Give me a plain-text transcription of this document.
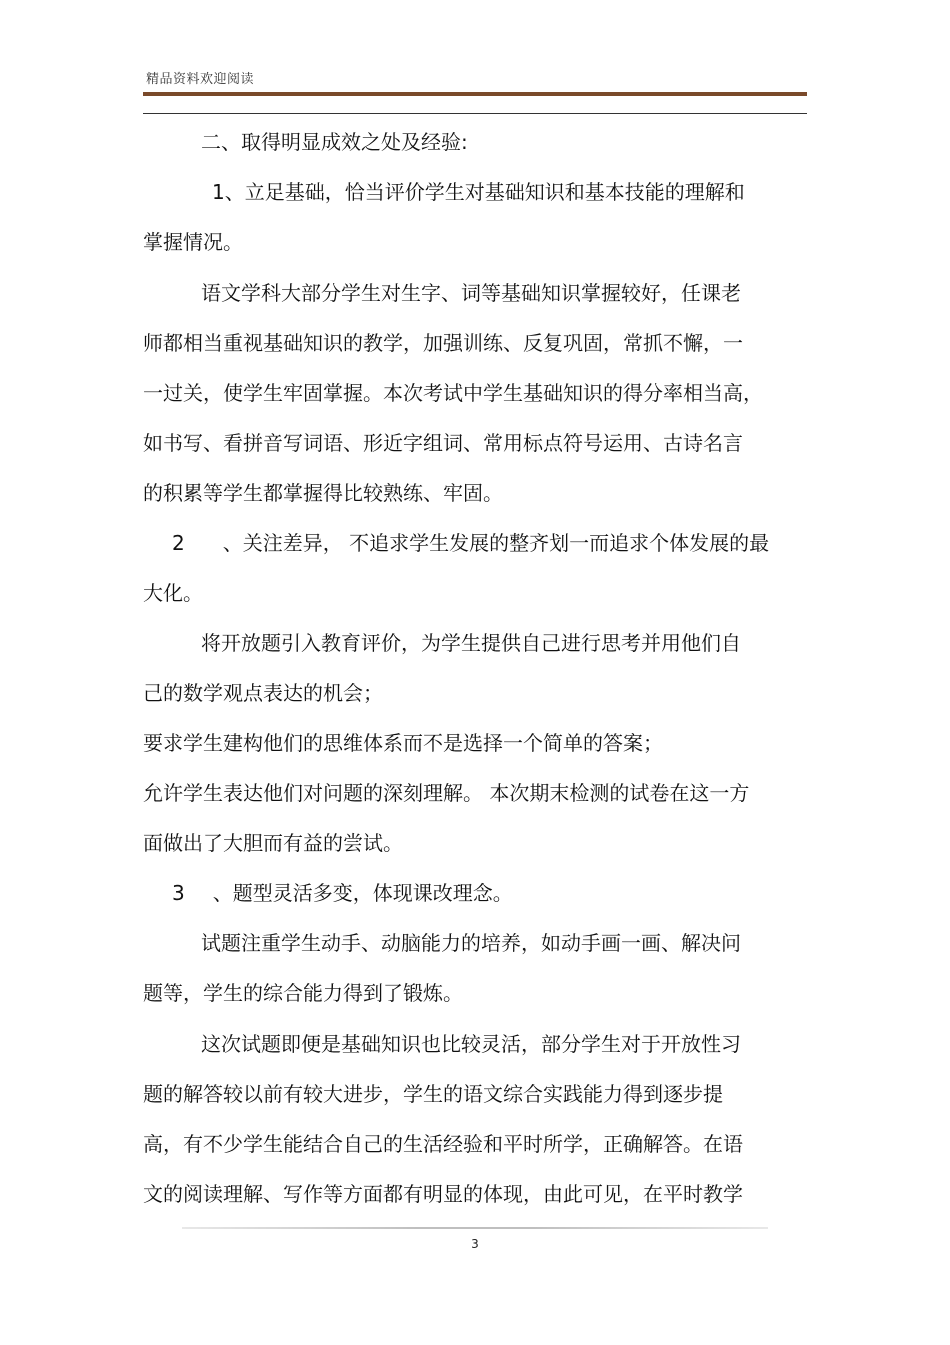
精品资料欢迎阅读
二、取得明显成效之处及经验:
1、立足基础，恰当评价学生对基础知识和基本技能的理解和
掌握情况。
语文学科大部分学生对生字、词等基础知识掌握较好，任课老
师都相当重视基础知识的教学，加强训练、反复巩固，常抓不懈，一
一过关，使学生牢固掌握。本次考试中学生基础知识的得分率相当高，
如书写、看拼音写词语、形近字组词、常用标点符号运用、古诗名言
的积累等学生都掌握得比较熟练、牢固。
2 、关注差异， 不追求学生发展的整齐划一而追求个体发展的最
大化。
将开放题引入教育评价，为学生提供自己进行思考并用他们自
己的数学观点表达的机会；
要求学生建构他们的思维体系而不是选择一个简单的答案；
允许学生表达他们对问题的深刻理解。 本次期末检测的试卷在这一方
面做出了大胆而有益的尝试。
3 、题型灵活多变，体现课改理念。
试题注重学生动手、动脑能力的培养，如动手画一画、解决问
题等，学生的综合能力得到了锻炼。
这次试题即便是基础知识也比较灵活，部分学生对于开放性习
题的解答较以前有较大进步，学生的语文综合实践能力得到逐步提
高，有不少学生能结合自己的生活经验和平时所学，正确解答。在语
文的阅读理解、写作等方面都有明显的体现，由此可见，在平时教学
3
